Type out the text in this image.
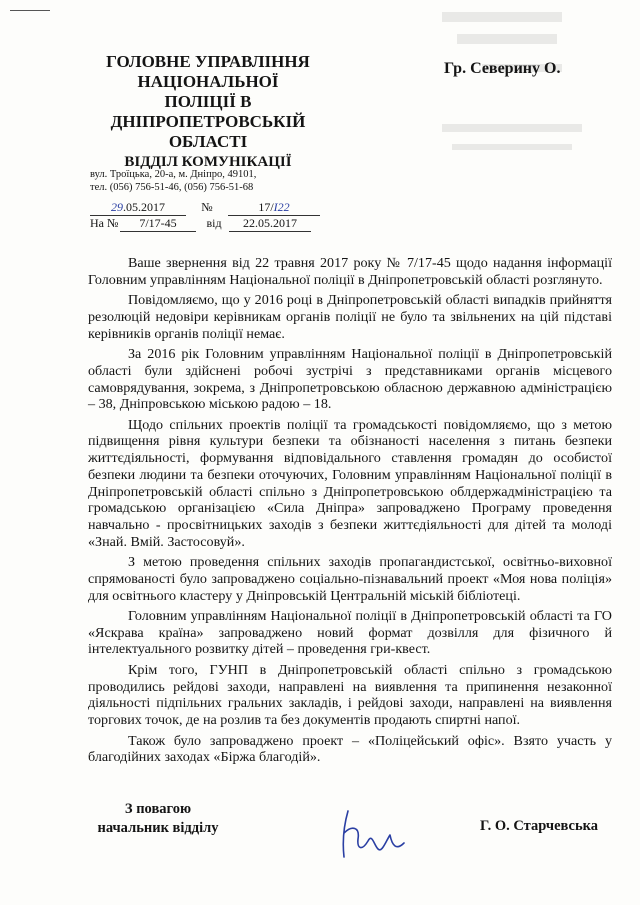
ГОЛОВНЕ УПРАВЛІННЯ
НАЦІОНАЛЬНОЇ
ПОЛІЦІЇ В
ДНІПРОПЕТРОВСЬКІЙ
ОБЛАСТІ
ВІДДІЛ КОМУНІКАЦІЇ
вул. Троїцька, 20-а, м. Дніпро, 49101,
тел. (056) 756-51-46, (056) 756-51-68
29.05.2017	№	17/І22
На № 7/17-45 від 22.05.2017
Гр. Северину О.

Ваше звернення від 22 травня 2017 року № 7/17-45 щодо надання інформації Головним управлінням Національної поліції в Дніпропетровській області розглянуто.

Повідомляємо, що у 2016 році в Дніпропетровській області випадків прийняття резолюцій недовіри керівникам органів поліції не було та звільнених на цій підставі керівників органів поліції немає.

За 2016 рік Головним управлінням Національної поліції в Дніпропетровській області були здійснені робочі зустрічі з представниками органів місцевого самоврядування, зокрема, з Дніпропетровською обласною державною адміністрацією – 38, Дніпровською міською радою – 18.

Щодо спільних проектів поліції та громадськості повідомляємо, що з метою підвищення рівня культури безпеки та обізнаності населення з питань безпеки життєдіяльності, формування відповідального ставлення громадян до особистої безпеки людини та безпеки оточуючих, Головним управлінням Національної поліції в Дніпропетровській області спільно з Дніпропетровською облдержадміністрацією та громадською організацією «Сила Дніпра» запроваджено Програму проведення навчально - просвітницьких заходів з безпеки життєдіяльності для дітей та молоді «Знай. Вмій. Застосовуй».

З метою проведення спільних заходів пропагандистської, освітньо-виховної спрямованості було запроваджено соціально-пізнавальний проект «Моя нова поліція» для освітнього кластеру у Дніпровській Центральній міській бібліотеці.

Головним управлінням Національної поліції в Дніпропетровській області та ГО «Яскрава країна» запроваджено новий формат дозвілля для фізичного й інтелектуального розвитку дітей – проведення гри-квест.

Крім того, ГУНП в Дніпропетровській області спільно з громадською проводились рейдові заходи, направлені на виявлення та припинення незаконної діяльності підпільних гральних закладів, і рейдові заходи, направлені на виявлення торгових точок, де на розлив та без документів продають спиртні напої.

Також було запроваджено проект – «Поліцейський офіс». Взято участь у благодійних заходах «Біржа благодій».

З повагою
начальник відділу	Г. О. Старчевська
